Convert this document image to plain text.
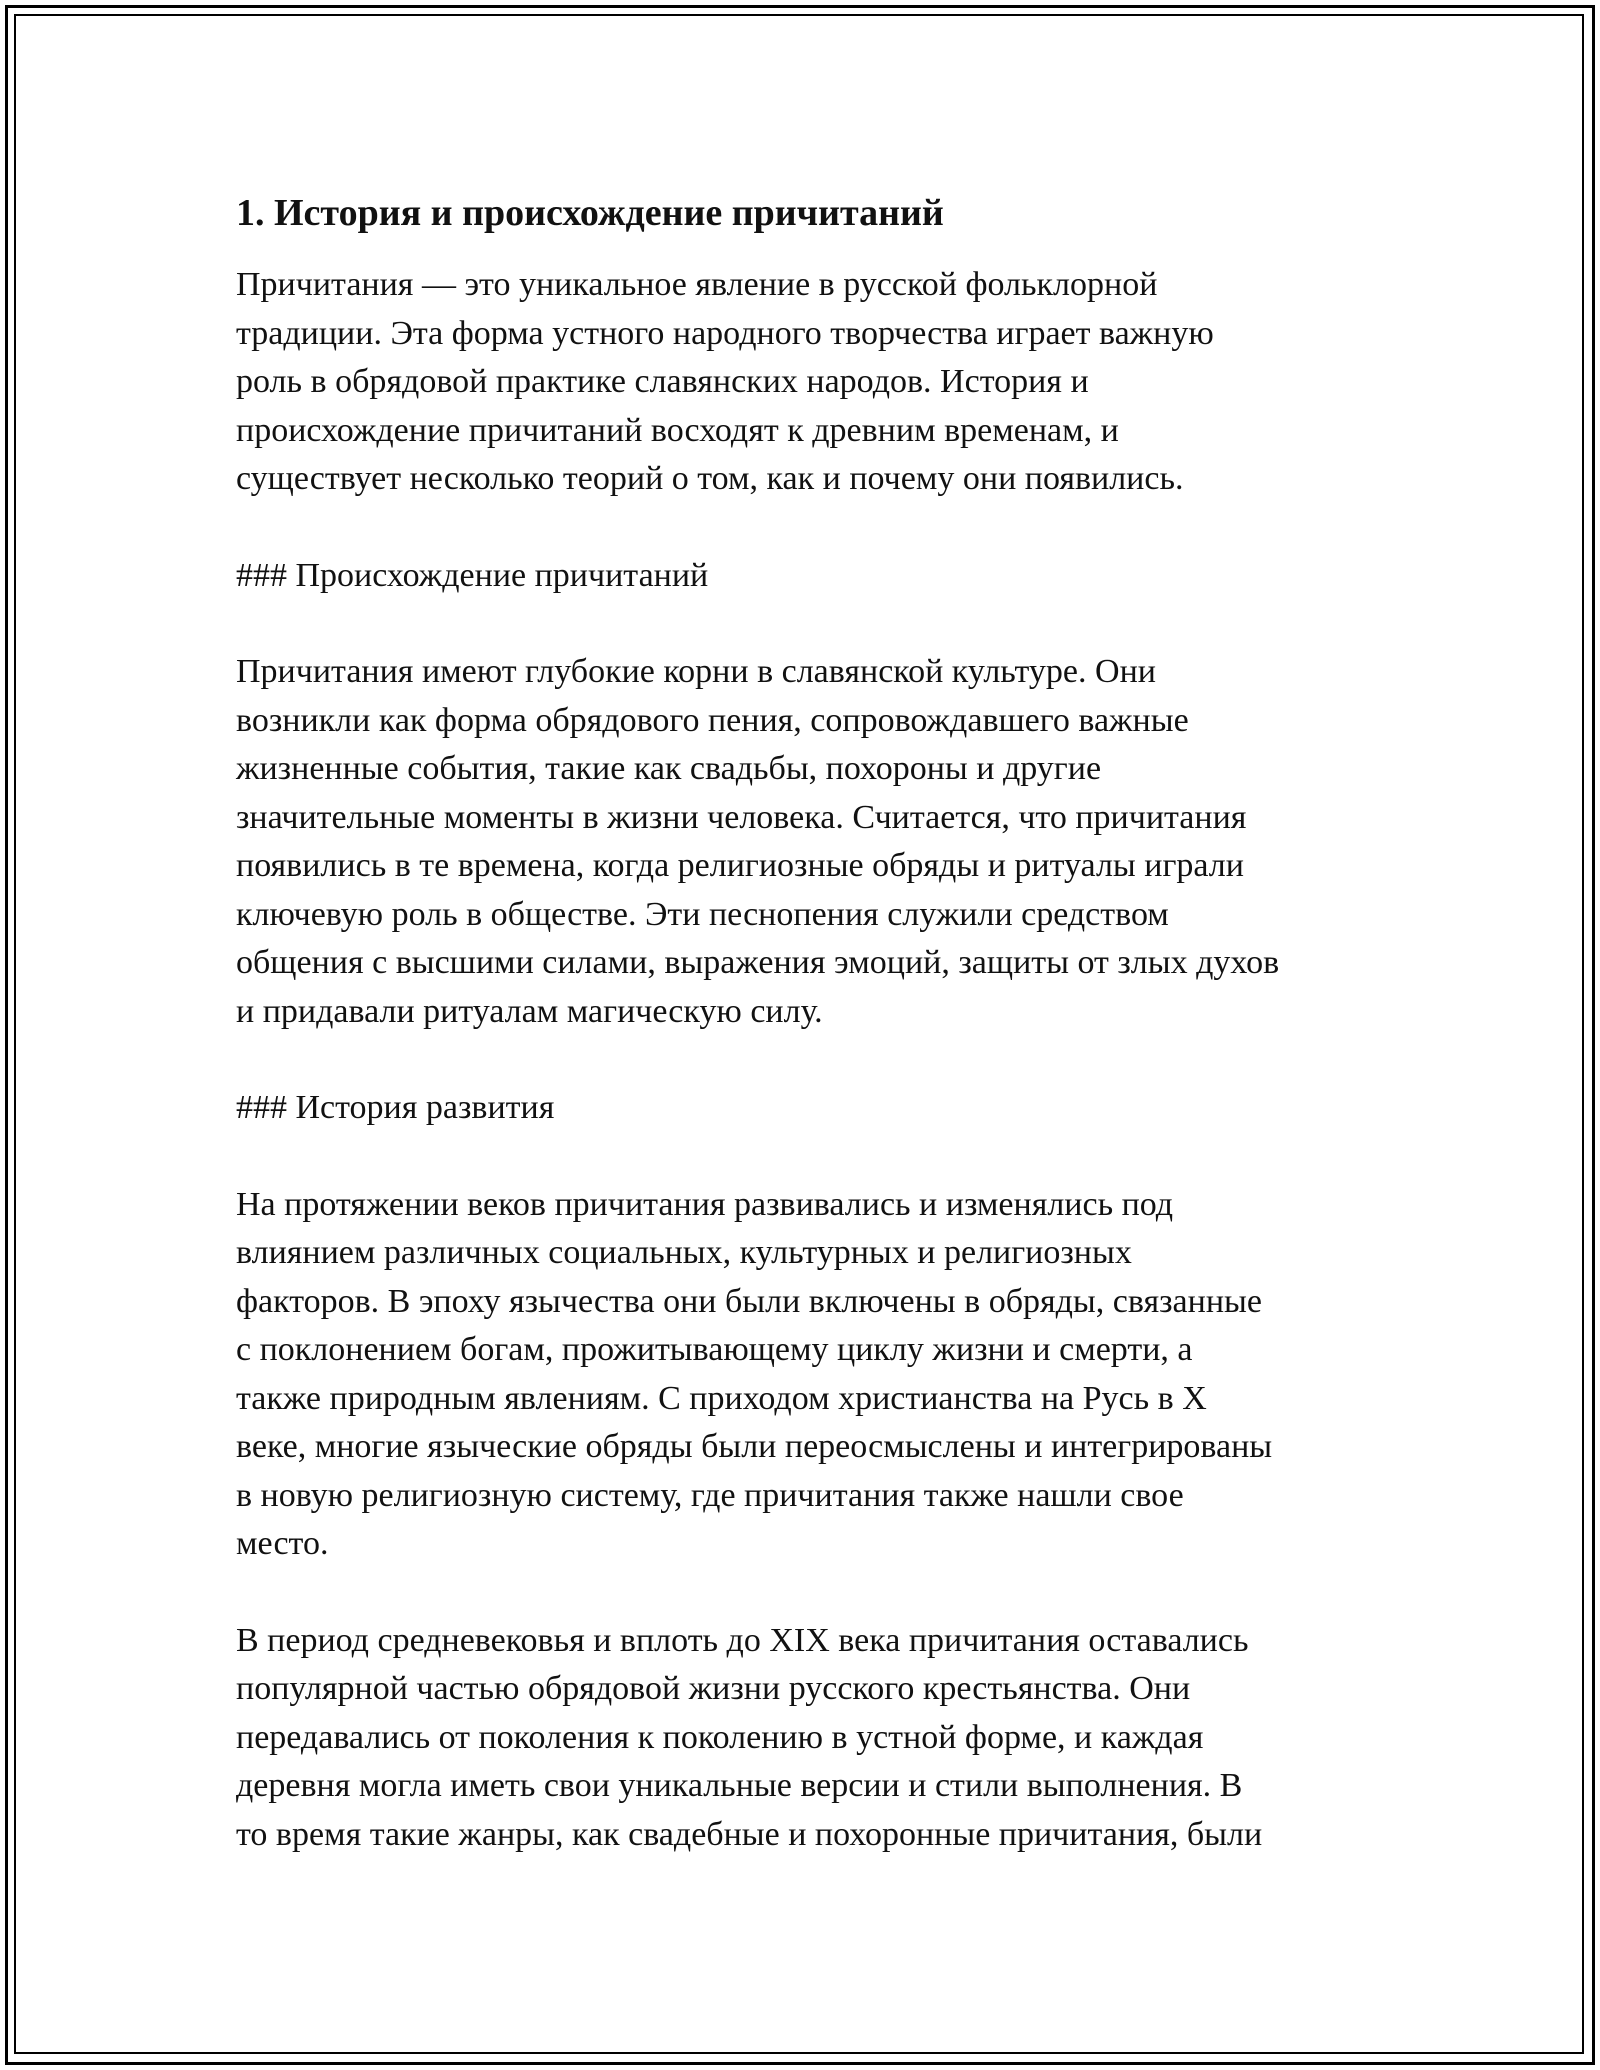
1. История и происхождение причитаний

Причитания — это уникальное явление в русской фольклорной
традиции. Эта форма устного народного творчества играет важную
роль в обрядовой практике славянских народов. История и
происхождение причитаний восходят к древним временам, и
существует несколько теорий о том, как и почему они появились.

### Происхождение причитаний

Причитания имеют глубокие корни в славянской культуре. Они
возникли как форма обрядового пения, сопровождавшего важные
жизненные события, такие как свадьбы, похороны и другие
значительные моменты в жизни человека. Считается, что причитания
появились в те времена, когда религиозные обряды и ритуалы играли
ключевую роль в обществе. Эти песнопения служили средством
общения с высшими силами, выражения эмоций, защиты от злых духов
и придавали ритуалам магическую силу.

### История развития

На протяжении веков причитания развивались и изменялись под
влиянием различных социальных, культурных и религиозных
факторов. В эпоху язычества они были включены в обряды, связанные
с поклонением богам, прожитывающему циклу жизни и смерти, а
также природным явлениям. С приходом христианства на Русь в X
веке, многие языческие обряды были переосмыслены и интегрированы
в новую религиозную систему, где причитания также нашли свое
место.

В период средневековья и вплоть до XIX века причитания оставались
популярной частью обрядовой жизни русского крестьянства. Они
передавались от поколения к поколению в устной форме, и каждая
деревня могла иметь свои уникальные версии и стили выполнения. В
то время такие жанры, как свадебные и похоронные причитания, были
